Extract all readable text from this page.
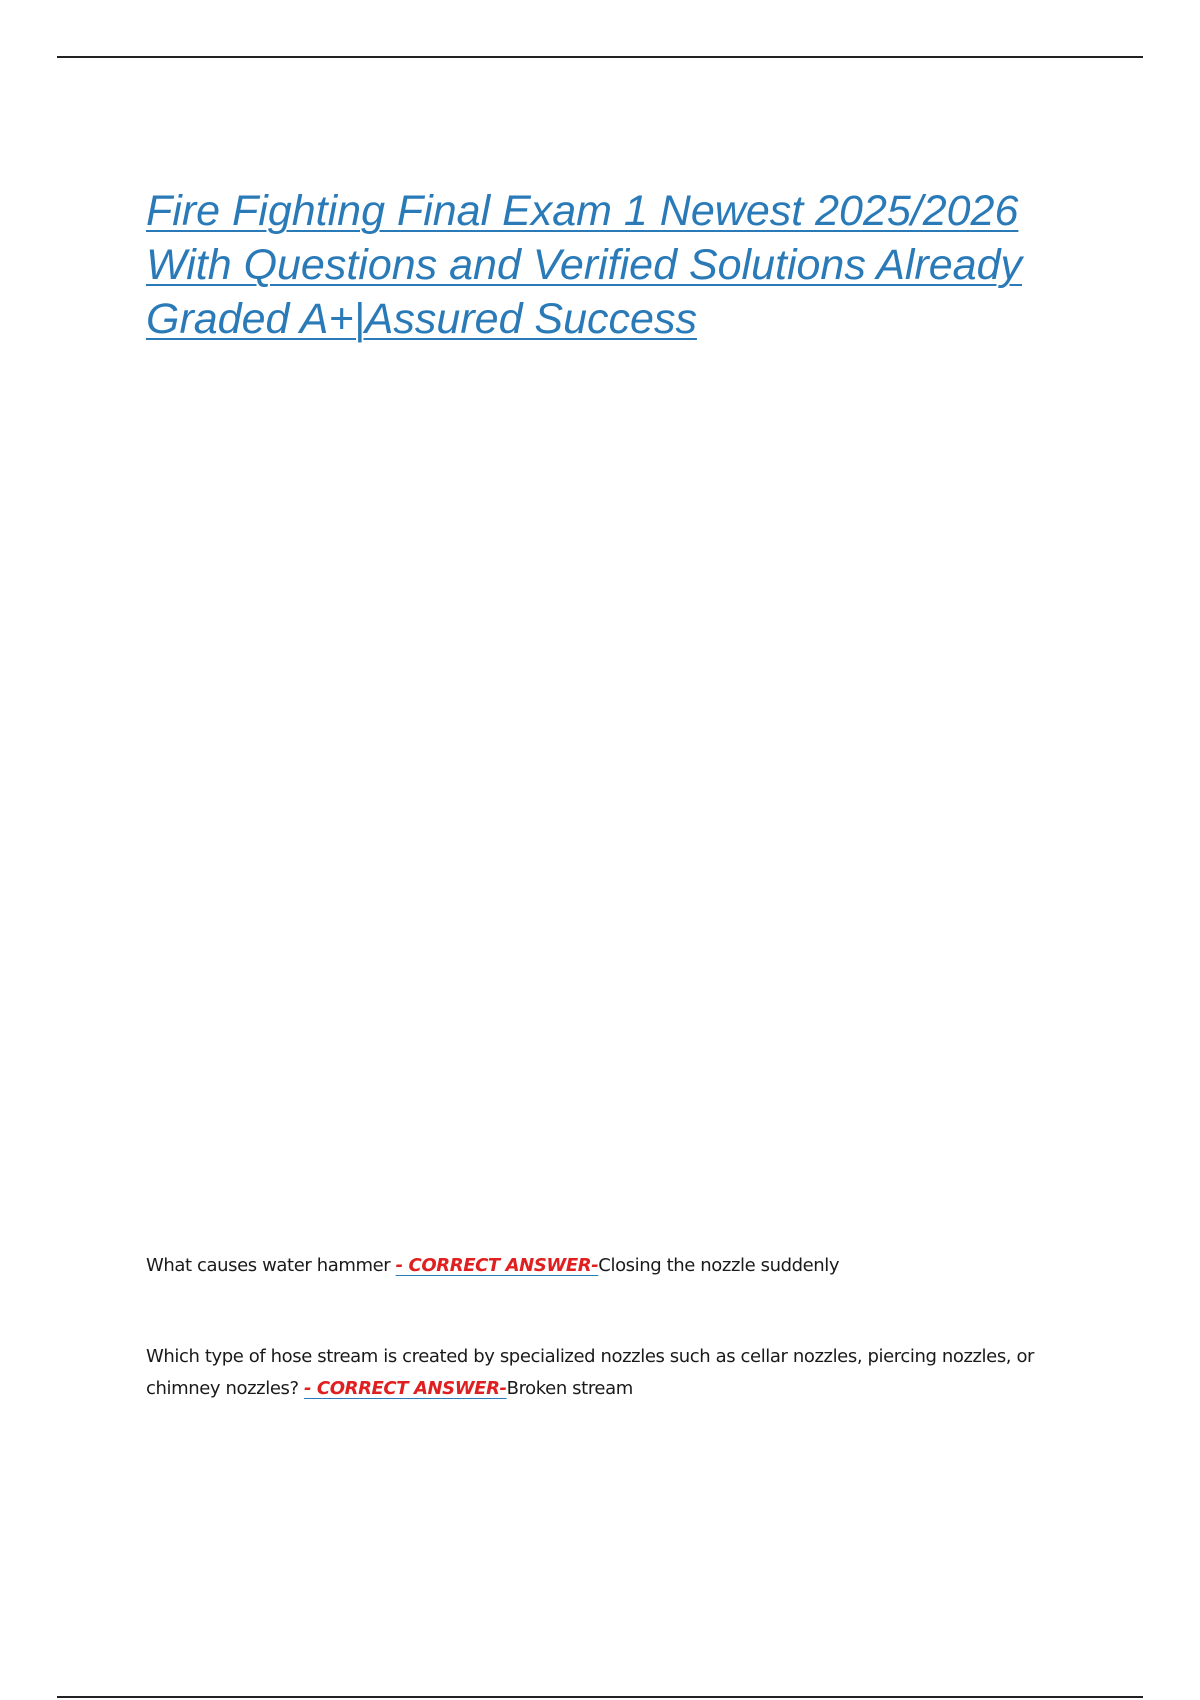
Fire Fighting Final Exam 1 Newest 2025/2026 With Questions and Verified Solutions Already Graded A+|Assured Success

What causes water hammer - CORRECT ANSWER-Closing the nozzle suddenly

Which type of hose stream is created by specialized nozzles such as cellar nozzles, piercing nozzles, or chimney nozzles? - CORRECT ANSWER-Broken stream
